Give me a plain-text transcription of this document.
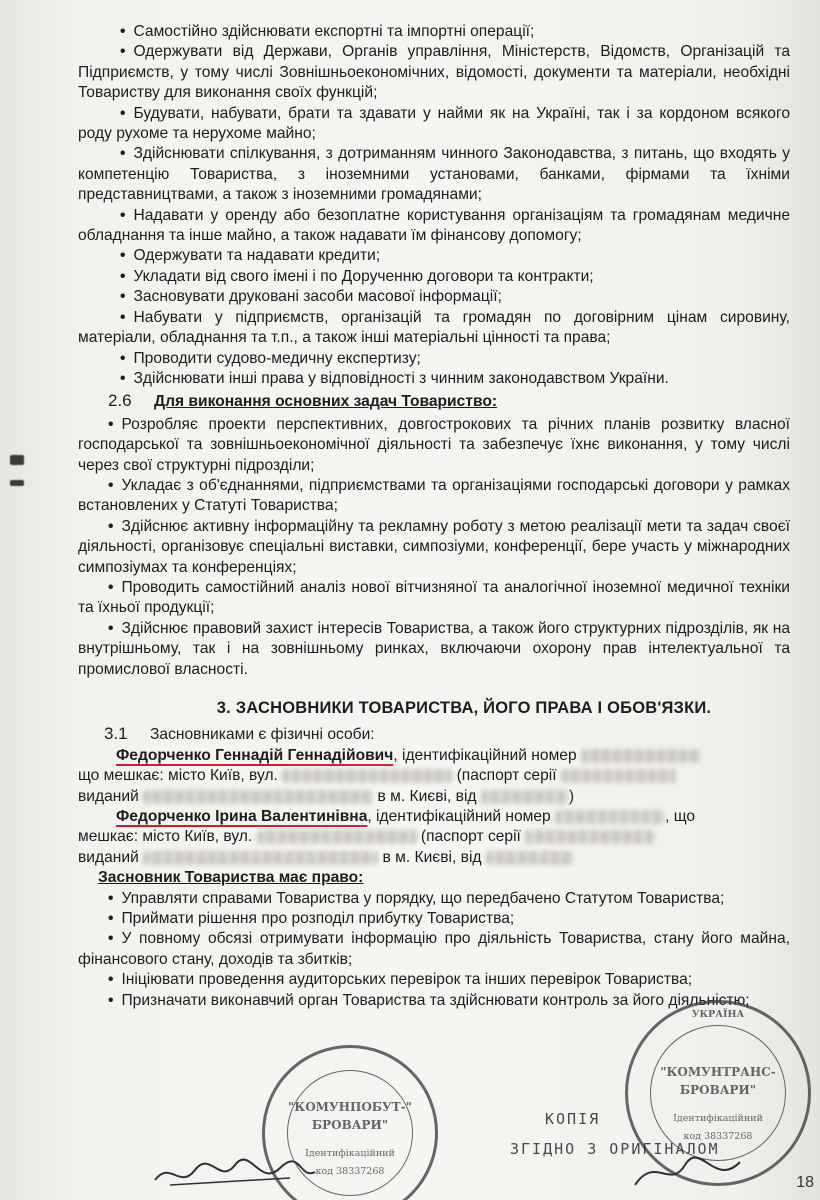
• Самостійно здійснювати експортні та імпортні операції;

• Одержувати від Держави, Органів управління, Міністерств, Відомств, Організацій та Підприємств, у тому числі Зовнішньоекономічних, відомості, документи та матеріали, необхідні Товариству для виконання своїх функцій;

• Будувати, набувати, брати та здавати у найми як на Україні, так і за кордоном всякого роду рухоме та нерухоме майно;

• Здійснювати спілкування, з дотриманням чинного Законодавства, з питань, що входять у компетенцію Товариства, з іноземними установами, банками, фірмами та їхніми представництвами, а також з іноземними громадянами;

• Надавати у оренду або безоплатне користування організаціям та громадянам медичне обладнання та інше майно, а також надавати їм фінансову допомогу;

• Одержувати та надавати кредити;

• Укладати від свого імені і по Дорученню договори та контракти;

• Засновувати друковані засоби масової інформації;

• Набувати у підприємств, організацій та громадян по договірним цінам сировину, матеріали, обладнання та т.п., а також інші матеріальні цінності та права;

• Проводити судово-медичну експертизу;

• Здійснювати інші права у відповідності з чинним законодавством України.

2.6 Для виконання основних задач Товариство:

• Розробляє проекти перспективних, довгострокових та річних планів розвитку власної господарської та зовнішньоекономічної діяльності та забезпечує їхнє виконання, у тому числі через свої структурні підрозділи;

• Укладає з об'єднаннями, підприємствами та організаціями господарські договори у рамках встановлених у Статуті Товариства;

• Здійснює активну інформаційну та рекламну роботу з метою реалізації мети та задач своєї діяльності, організовує спеціальні виставки, симпозіуми, конференції, бере участь у міжнародних симпозіумах та конференціях;

• Проводить самостійний аналіз нової вітчизняної та аналогічної іноземної медичної техніки та їхньої продукції;

• Здійснює правовий захист інтересів Товариства, а також його структурних підрозділів, як на внутрішньому, так і на зовнішньому ринках, включаючи охорону прав інтелектуальної та промислової власності.

3. ЗАСНОВНИКИ ТОВАРИСТВА, ЙОГО ПРАВА І ОБОВ'ЯЗКИ.

3.1 Засновниками є фізичні особи:

Федорченко Геннадій Геннадійович, ідентифікаційний номер

що мешкає: місто Київ, вул.	(паспорт серії

виданий	в м. Києві, від	)

Федорченко Ірина Валентинівна, ідентифікаційний номер	, що

мешкає: місто Київ, вул.	(паспорт серії

виданий	в м. Києві, від

Засновник Товариства має право:

• Управляти справами Товариства у порядку, що передбачено Статутом Товариства;

• Приймати рішення про розподіл прибутку Товариства;

• У повному обсязі отримувати інформацію про діяльність Товариства, стану його майна, фінансового стану, доходів та збитків;

• Ініціювати проведення аудиторських перевірок та інших перевірок Товариства;

• Призначати виконавчий орган Товариства та здійснювати контроль за його діяльністю;

"КОМУНПОБУТ-"
БРОВАРИ"
Ідентифікаційний
код 38337268
УКРАЇНА
"КОМУНТРАНС-
БРОВАРИ"
Ідентифікаційний
код 38337268
КОПІЯ
ЗГІДНО З ОРИГІНАЛОМ
18
